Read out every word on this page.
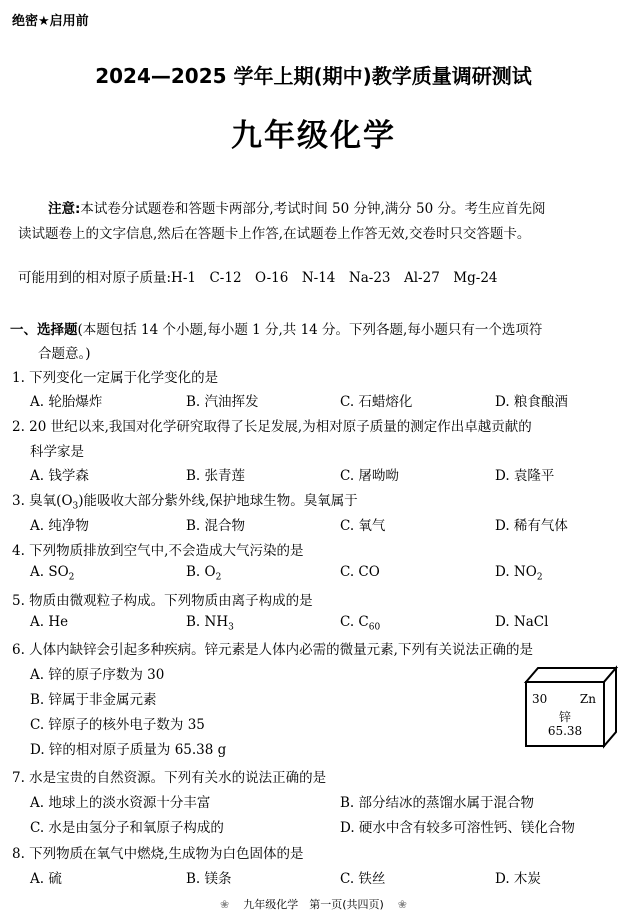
绝密★启用前
2024—2025 学年上期(期中)教学质量调研测试
九年级化学
注意:本试卷分试题卷和答题卡两部分,考试时间 50 分钟,满分 50 分。考生应首先阅
读试题卷上的文字信息,然后在答题卡上作答,在试题卷上作答无效,交卷时只交答题卡。
可能用到的相对原子质量:H-1　C-12　O-16　N-14　Na-23　Al-27　Mg-24
一、选择题(本题包括 14 个小题,每小题 1 分,共 14 分。下列各题,每小题只有一个选项符
合题意。)
1. 下列变化一定属于化学变化的是
A. 轮胎爆炸	B. 汽油挥发	C. 石蜡熔化	D. 粮食酿酒
2. 20 世纪以来,我国对化学研究取得了长足发展,为相对原子质量的测定作出卓越贡献的
科学家是
A. 钱学森	B. 张青莲	C. 屠呦呦	D. 袁隆平
3. 臭氧$(O_3)$能吸收大部分紫外线,保护地球生物。臭氧属于
A. 纯净物	B. 混合物	C. 氧气	D. 稀有气体
4. 下列物质排放到空气中,不会造成大气污染的是
A. $SO_2$	B. $O_2$	C. CO	D. $NO_2$
5. 物质由微观粒子构成。下列物质由离子构成的是
A. He	B. $NH_3$	C. $C_{60}$	D. NaCl
6. 人体内缺锌会引起多种疾病。锌元素是人体内必需的微量元素,下列有关说法正确的是
A. 锌的原子序数为 30
B. 锌属于非金属元素
C. 锌原子的核外电子数为 35
D. 锌的相对原子质量为 65.38 g
30	Zn
锌
65.38
7. 水是宝贵的自然资源。下列有关水的说法正确的是
A. 地球上的淡水资源十分丰富	B. 部分结冰的蒸馏水属于混合物
C. 水是由氢分子和氧原子构成的	D. 硬水中含有较多可溶性钙、镁化合物
8. 下列物质在氧气中燃烧,生成物为白色固体的是
A. 硫	B. 镁条	C. 铁丝	D. 木炭
❀ 九年级化学　第一页(共四页) ❀
